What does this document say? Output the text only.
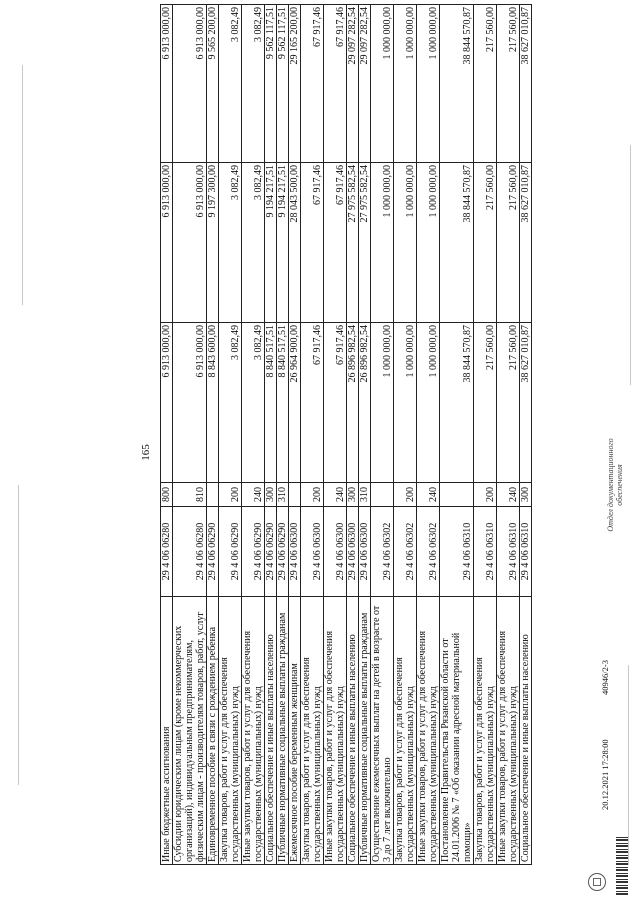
165
Иные бюджетные ассигнования	29 4 06 06280	800	6 913 000,00	6 913 000,00	6 913 000,00

Субсидии юридическим лицам (кроме некоммерческих организаций), индивидуальным предпринимателям, физическим лицам - производителям товаров, работ, услуг	29 4 06 06280	810	6 913 000,00	6 913 000,00	6 913 000,00

Единовременное пособие в связи с рождением ребенка	29 4 06 06290		8 843 600,00	9 197 300,00	9 565 200,00

Закупка товаров, работ и услуг для обеспечения государственных (муниципальных) нужд	29 4 06 06290	200	3 082,49	3 082,49	3 082,49

Иные закупки товаров, работ и услуг для обеспечения государственных (муниципальных) нужд	29 4 06 06290	240	3 082,49	3 082,49	3 082,49

Социальное обеспечение и иные выплаты населению	29 4 06 06290	300	8 840 517,51	9 194 217,51	9 562 117,51

Публичные нормативные социальные выплаты гражданам	29 4 06 06290	310	8 840 517,51	9 194 217,51	9 562 117,51

Ежемесячное пособие беременным женщинам	29 4 06 06300		26 964 900,00	28 043 500,00	29 165 200,00

Закупка товаров, работ и услуг для обеспечения государственных (муниципальных) нужд	29 4 06 06300	200	67 917,46	67 917,46	67 917,46

Иные закупки товаров, работ и услуг для обеспечения государственных (муниципальных) нужд	29 4 06 06300	240	67 917,46	67 917,46	67 917,46

Социальное обеспечение и иные выплаты населению	29 4 06 06300	300	26 896 982,54	27 975 582,54	29 097 282,54

Публичные нормативные социальные выплаты гражданам	29 4 06 06300	310	26 896 982,54	27 975 582,54	29 097 282,54

Осуществление ежемесячных выплат на детей в возрасте от 3 до 7 лет включительно	29 4 06 06302		1 000 000,00	1 000 000,00	1 000 000,00

Закупка товаров, работ и услуг для обеспечения государственных (муниципальных) нужд	29 4 06 06302	200	1 000 000,00	1 000 000,00	1 000 000,00

Иные закупки товаров, работ и услуг для обеспечения государственных (муниципальных) нужд	29 4 06 06302	240	1 000 000,00	1 000 000,00	1 000 000,00

Постановление Правительства Рязанской области от 24.01.2006 № 7 «Об оказании адресной материальной помощи»	29 4 06 06310		38 844 570,87	38 844 570,87	38 844 570,87

Закупка товаров, работ и услуг для обеспечения государственных (муниципальных) нужд	29 4 06 06310	200	217 560,00	217 560,00	217 560,00

Иные закупки товаров, работ и услуг для обеспечения государственных (муниципальных) нужд	29 4 06 06310	240	217 560,00	217 560,00	217 560,00

Социальное обеспечение и иные выплаты населению	29 4 06 06310	300	38 627 010,87	38 627 010,87	38 627 010,87
20.12.2021 17:28:00
40946/2-3
Отдел документационного обеспечения
